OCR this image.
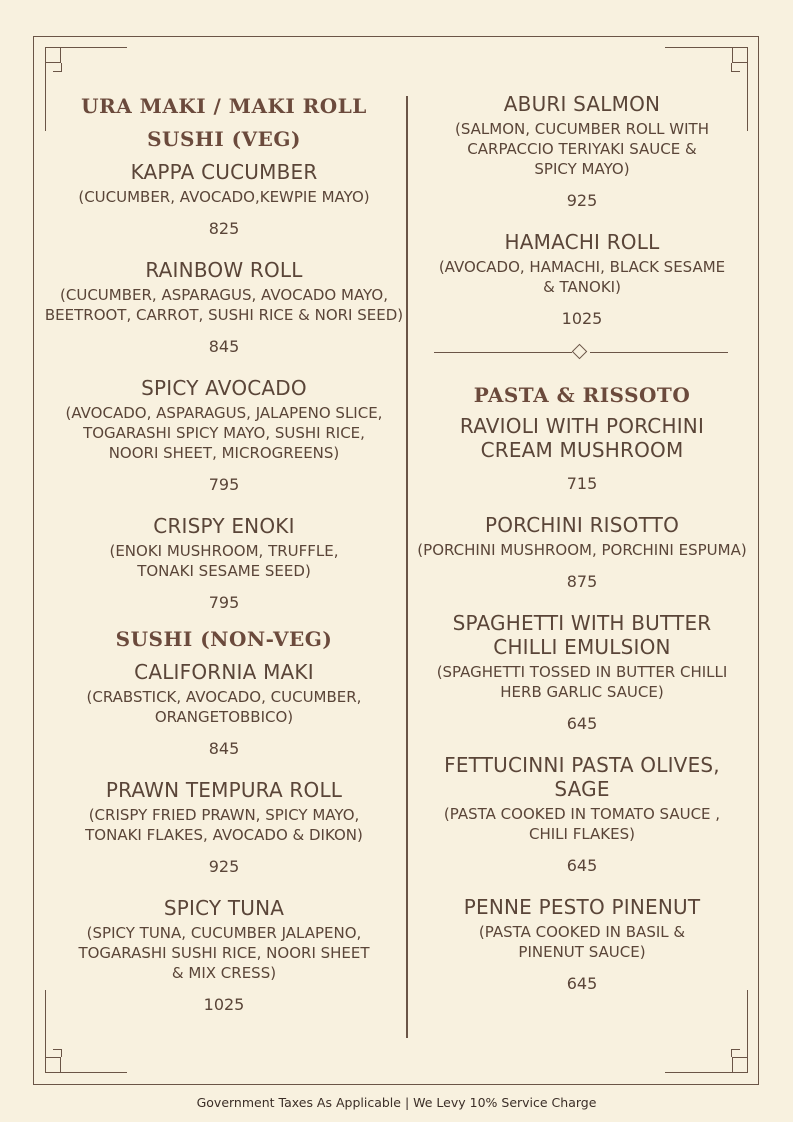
URA MAKI / MAKI ROLL
SUSHI (VEG)
KAPPA CUCUMBER
(CUCUMBER, AVOCADO,KEWPIE MAYO)
825
RAINBOW ROLL
(CUCUMBER, ASPARAGUS, AVOCADO MAYO,
BEETROOT, CARROT, SUSHI RICE & NORI SEED)
845
SPICY AVOCADO
(AVOCADO, ASPARAGUS, JALAPENO SLICE,
TOGARASHI SPICY MAYO, SUSHI RICE,
NOORI SHEET, MICROGREENS)
795
CRISPY ENOKI
(ENOKI MUSHROOM, TRUFFLE,
TONAKI SESAME SEED)
795
SUSHI (NON-VEG)
CALIFORNIA MAKI
(CRABSTICK, AVOCADO, CUCUMBER,
ORANGETOBBICO)
845
PRAWN TEMPURA ROLL
(CRISPY FRIED PRAWN, SPICY MAYO,
TONAKI FLAKES, AVOCADO & DIKON)
925
SPICY TUNA
(SPICY TUNA, CUCUMBER JALAPENO,
TOGARASHI SUSHI RICE, NOORI SHEET
& MIX CRESS)
1025
ABURI SALMON
(SALMON, CUCUMBER ROLL WITH
CARPACCIO TERIYAKI SAUCE &
SPICY MAYO)
925
HAMACHI ROLL
(AVOCADO, HAMACHI, BLACK SESAME
& TANOKI)
1025
PASTA & RISSOTO
RAVIOLI WITH PORCHINI
CREAM MUSHROOM
715
PORCHINI RISOTTO
(PORCHINI MUSHROOM, PORCHINI ESPUMA)
875
SPAGHETTI WITH BUTTER
CHILLI EMULSION
(SPAGHETTI TOSSED IN BUTTER CHILLI
HERB GARLIC SAUCE)
645
FETTUCINNI PASTA OLIVES,
SAGE
(PASTA COOKED IN TOMATO SAUCE ,
CHILI FLAKES)
645
PENNE PESTO PINENUT
(PASTA COOKED IN BASIL &
PINENUT SAUCE)
645
Government Taxes As Applicable | We Levy 10% Service Charge
